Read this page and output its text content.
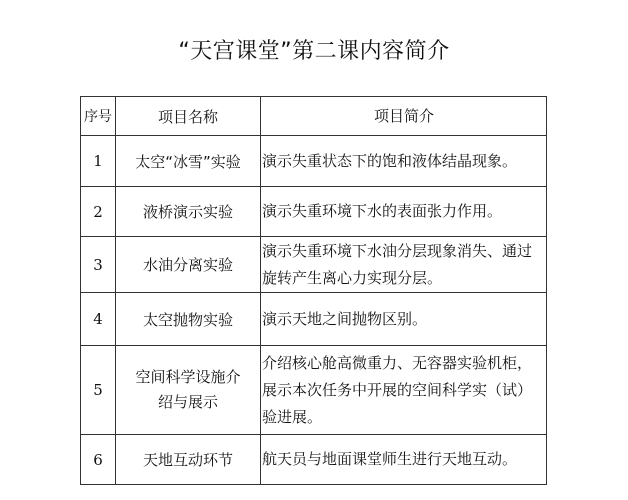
“天宫课堂”第二课内容简介
序号	项目名称	项目简介
1	太空“冰雪”实验	演示失重状态下的饱和液体结晶现象。
2	液桥演示实验	演示失重环境下水的表面张力作用。
3	水油分离实验	演示失重环境下水油分层现象消失、通过旋转产生离心力实现分层。
4	太空抛物实验	演示天地之间抛物区别。
5	空间科学设施介绍与展示	介绍核心舱高微重力、无容器实验机柜，展示本次任务中开展的空间科学实（试）验进展。
6	天地互动环节	航天员与地面课堂师生进行天地互动。
